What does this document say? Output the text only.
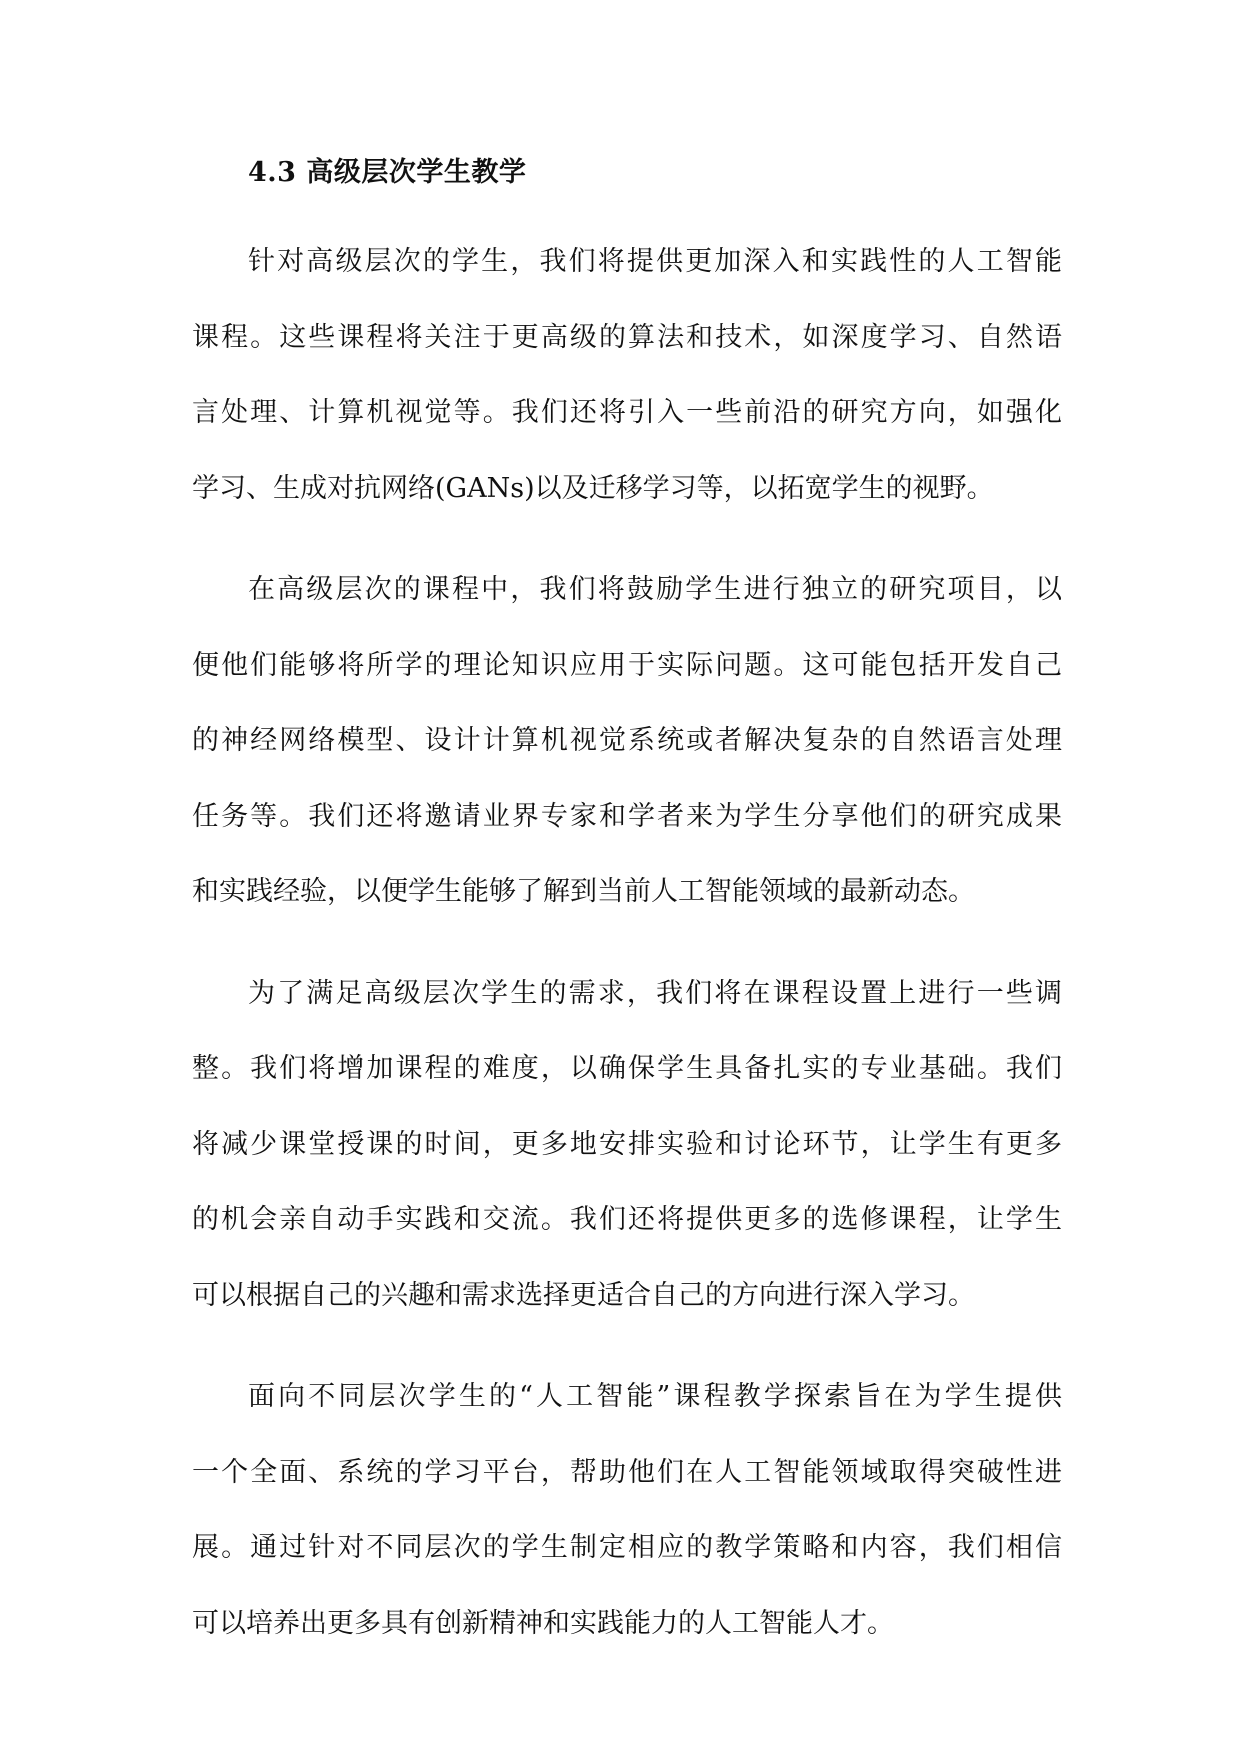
4.3 高级层次学生教学

针对高级层次的学生，我们将提供更加深入和实践性的人工智能
课程。这些课程将关注于更高级的算法和技术，如深度学习、自然语
言处理、计算机视觉等。我们还将引入一些前沿的研究方向，如强化
学习、生成对抗网络(GANs)以及迁移学习等，以拓宽学生的视野。

在高级层次的课程中，我们将鼓励学生进行独立的研究项目，以
便他们能够将所学的理论知识应用于实际问题。这可能包括开发自己
的神经网络模型、设计计算机视觉系统或者解决复杂的自然语言处理
任务等。我们还将邀请业界专家和学者来为学生分享他们的研究成果
和实践经验，以便学生能够了解到当前人工智能领域的最新动态。

为了满足高级层次学生的需求，我们将在课程设置上进行一些调
整。我们将增加课程的难度，以确保学生具备扎实的专业基础。我们
将减少课堂授课的时间，更多地安排实验和讨论环节，让学生有更多
的机会亲自动手实践和交流。我们还将提供更多的选修课程，让学生
可以根据自己的兴趣和需求选择更适合自己的方向进行深入学习。

面向不同层次学生的“人工智能”课程教学探索旨在为学生提供
一个全面、系统的学习平台，帮助他们在人工智能领域取得突破性进
展。通过针对不同层次的学生制定相应的教学策略和内容，我们相信
可以培养出更多具有创新精神和实践能力的人工智能人才。
